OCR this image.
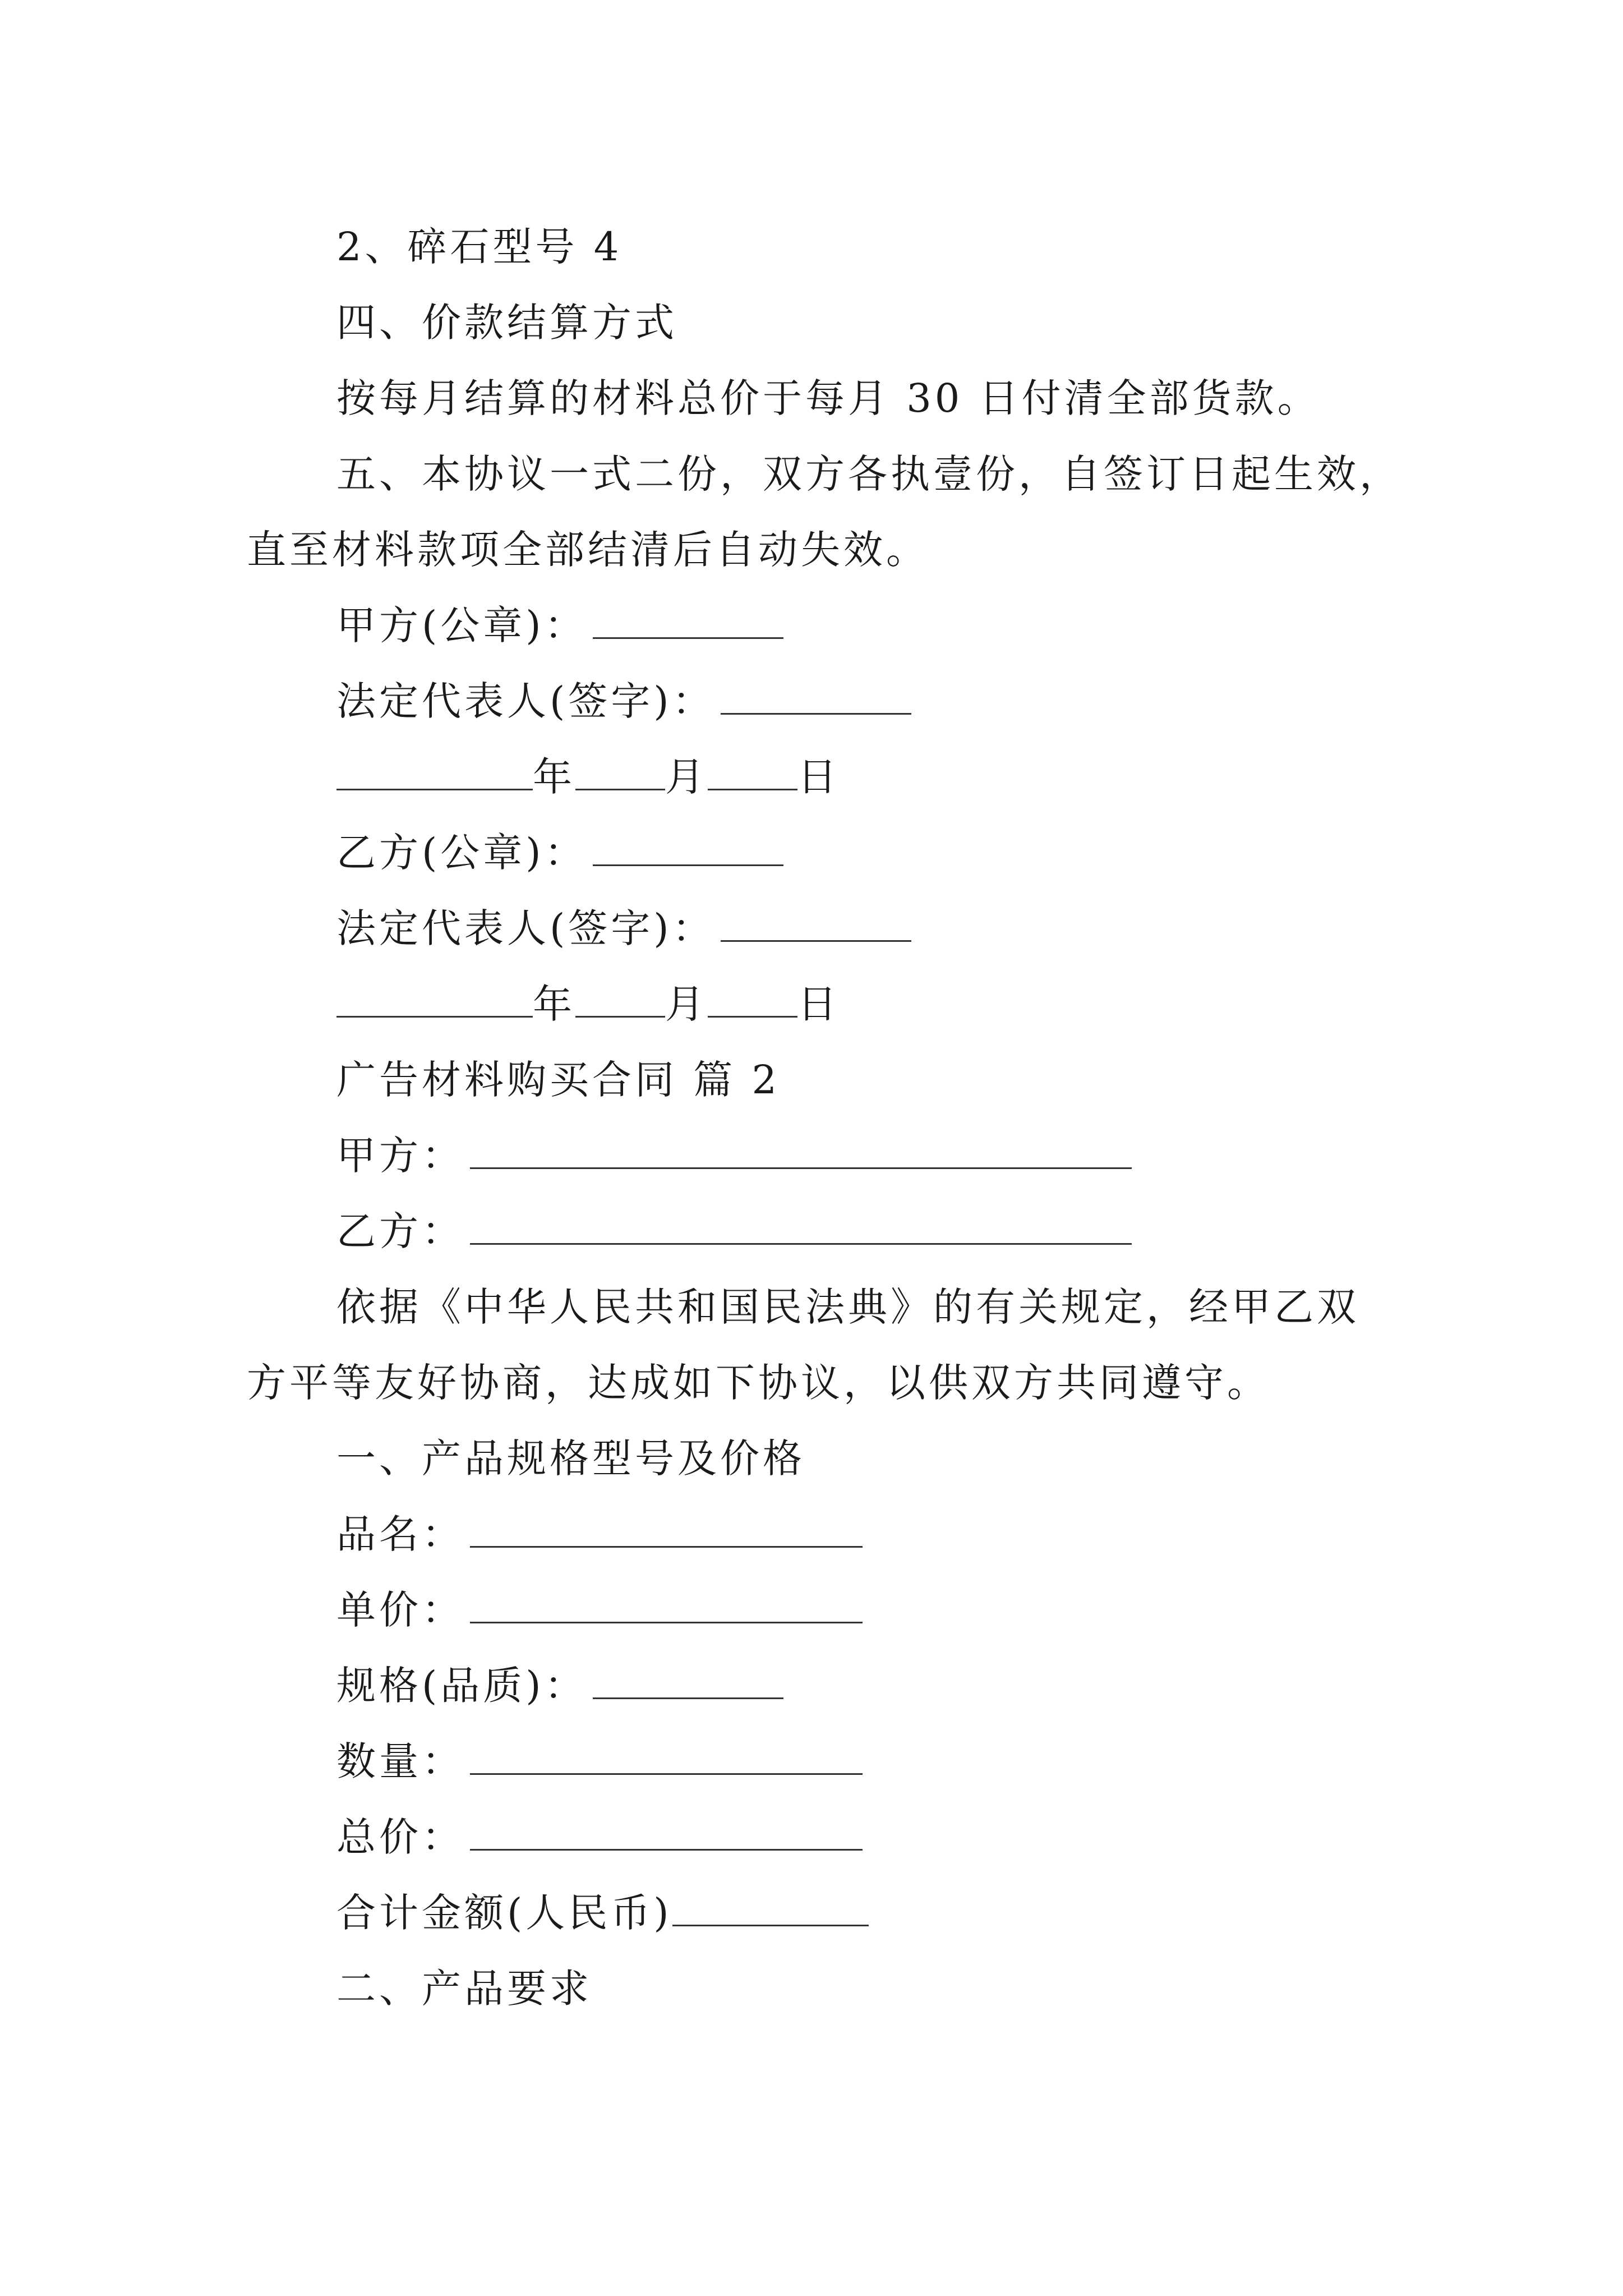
2、碎石型号 4
四、价款结算方式
按每月结算的材料总价于每月 30 日付清全部货款。
五、本协议一式二份，双方各执壹份，自签订日起生效，
直至材料款项全部结清后自动失效。
甲方(公章)：
法定代表人(签字)：
年 月 日
乙方(公章)：
法定代表人(签字)：
年 月 日
广告材料购买合同 篇 2
甲方：
乙方：
依据《中华人民共和国民法典》的有关规定，经甲乙双
方平等友好协商，达成如下协议，以供双方共同遵守。
一、产品规格型号及价格
品名：
单价：
规格(品质)：
数量：
总价：
合计金额(人民币)
二、产品要求
